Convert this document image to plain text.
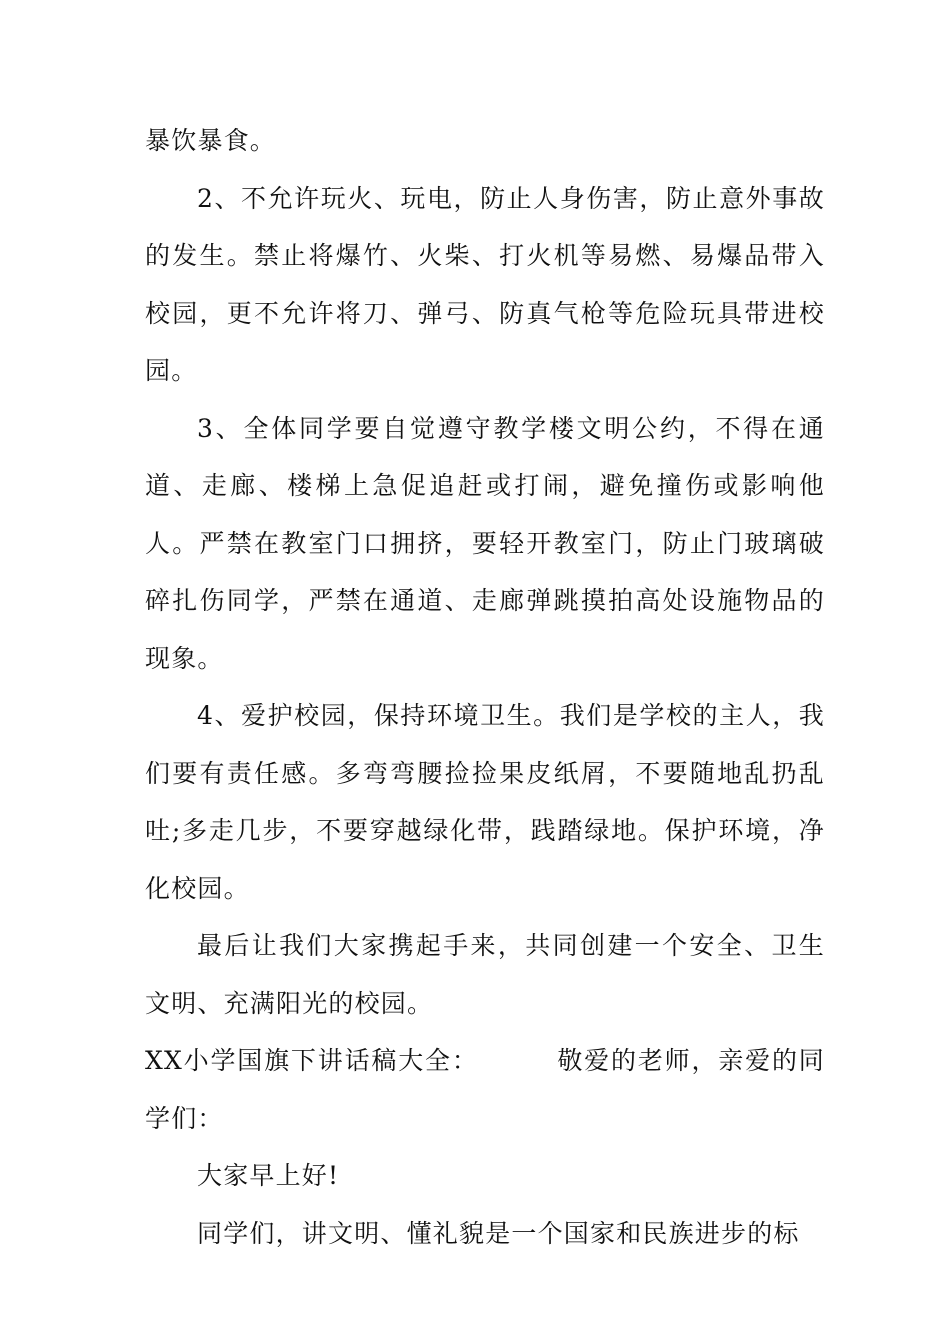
暴饮暴食。

2、不允许玩火、玩电，防止人身伤害，防止意外事故的发生。禁止将爆竹、火柴、打火机等易燃、易爆品带入校园，更不允许将刀、弹弓、防真气枪等危险玩具带进校园。

3、全体同学要自觉遵守教学楼文明公约，不得在通道、走廊、楼梯上急促追赶或打闹，避免撞伤或影响他人。严禁在教室门口拥挤，要轻开教室门，防止门玻璃破碎扎伤同学，严禁在通道、走廊弹跳摸拍高处设施物品的现象。

4、爱护校园，保持环境卫生。我们是学校的主人，我们要有责任感。多弯弯腰捡捡果皮纸屑，不要随地乱扔乱吐;多走几步，不要穿越绿化带，践踏绿地。保护环境，净化校园。

最后让我们大家携起手来，共同创建一个安全、卫生文明、充满阳光的校园。

XX小学国旗下讲话稿大全：	敬爱的老师，亲爱的同学们：

大家早上好!

同学们，讲文明、懂礼貌是一个国家和民族进步的标
